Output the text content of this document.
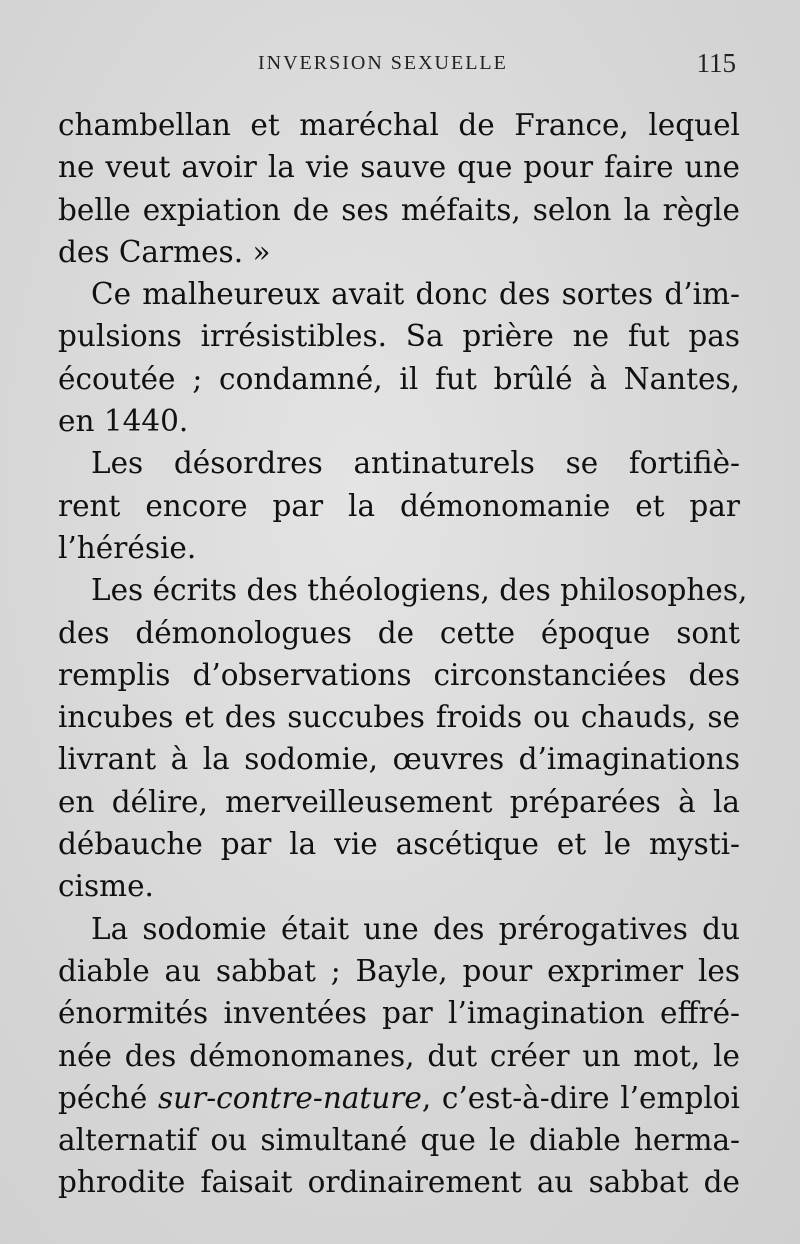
INVERSION SEXUELLE	115
chambellan et maréchal de France, lequel
ne veut avoir la vie sauve que pour faire une
belle expiation de ses méfaits, selon la règle
des Carmes. »
Ce malheureux avait donc des sortes d’im-
pulsions irrésistibles. Sa prière ne fut pas
écoutée ; condamné, il fut brûlé à Nantes,
en 1440.
Les désordres antinaturels se fortifiè-
rent encore par la démonomanie et par
l’hérésie.
Les écrits des théologiens, des philosophes,
des démonologues de cette époque sont
remplis d’observations circonstanciées des
incubes et des succubes froids ou chauds, se
livrant à la sodomie, œuvres d’imaginations
en délire, merveilleusement préparées à la
débauche par la vie ascétique et le mysti-
cisme.
La sodomie était une des prérogatives du
diable au sabbat ; Bayle, pour exprimer les
énormités inventées par l’imagination effré-
née des démonomanes, dut créer un mot, le
péché sur-contre-nature, c’est-à-dire l’emploi
alternatif ou simultané que le diable herma-
phrodite faisait ordinairement au sabbat de
